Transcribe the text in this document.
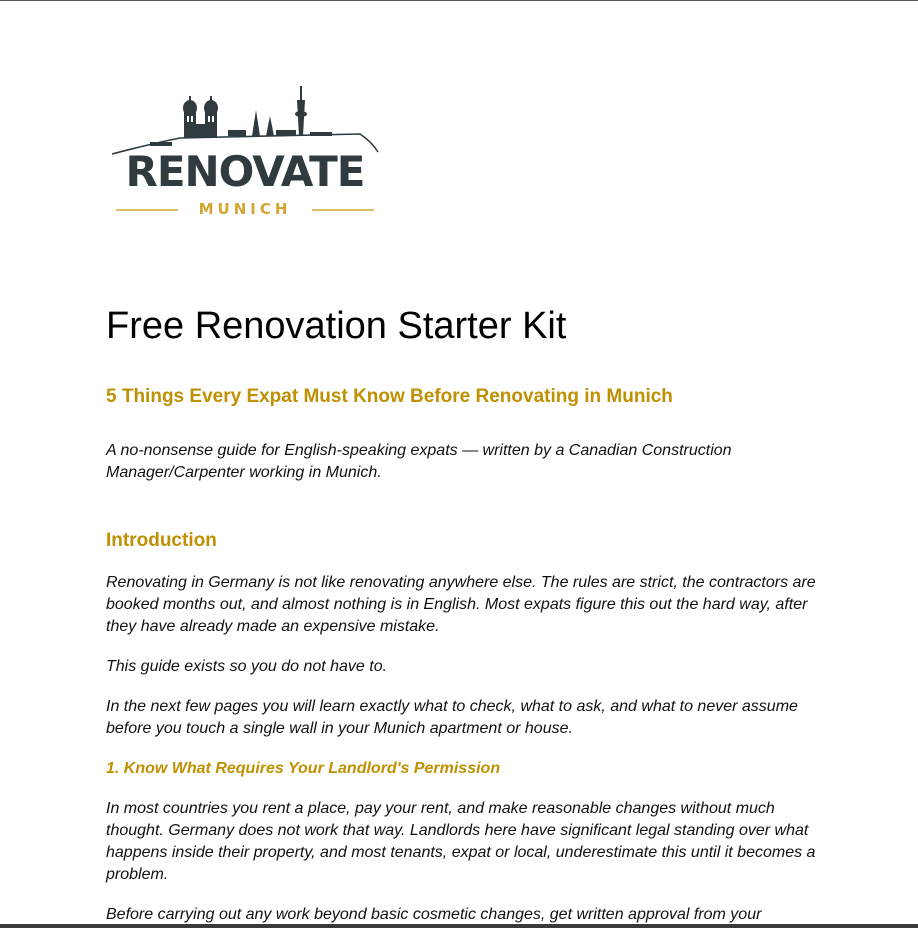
RENOVATE
MUNICH
Free Renovation Starter Kit
5 Things Every Expat Must Know Before Renovating in Munich

A no-nonsense guide for English-speaking expats — written by a Canadian Construction Manager/Carpenter working in Munich.

Introduction

Renovating in Germany is not like renovating anywhere else. The rules are strict, the contractors are booked months out, and almost nothing is in English. Most expats figure this out the hard way, after they have already made an expensive mistake.

This guide exists so you do not have to.

In the next few pages you will learn exactly what to check, what to ask, and what to never assume before you touch a single wall in your Munich apartment or house.

1. Know What Requires Your Landlord's Permission

In most countries you rent a place, pay your rent, and make reasonable changes without much thought. Germany does not work that way. Landlords here have significant legal standing over what happens inside their property, and most tenants, expat or local, underestimate this until it becomes a problem.

Before carrying out any work beyond basic cosmetic changes, get written approval from your
